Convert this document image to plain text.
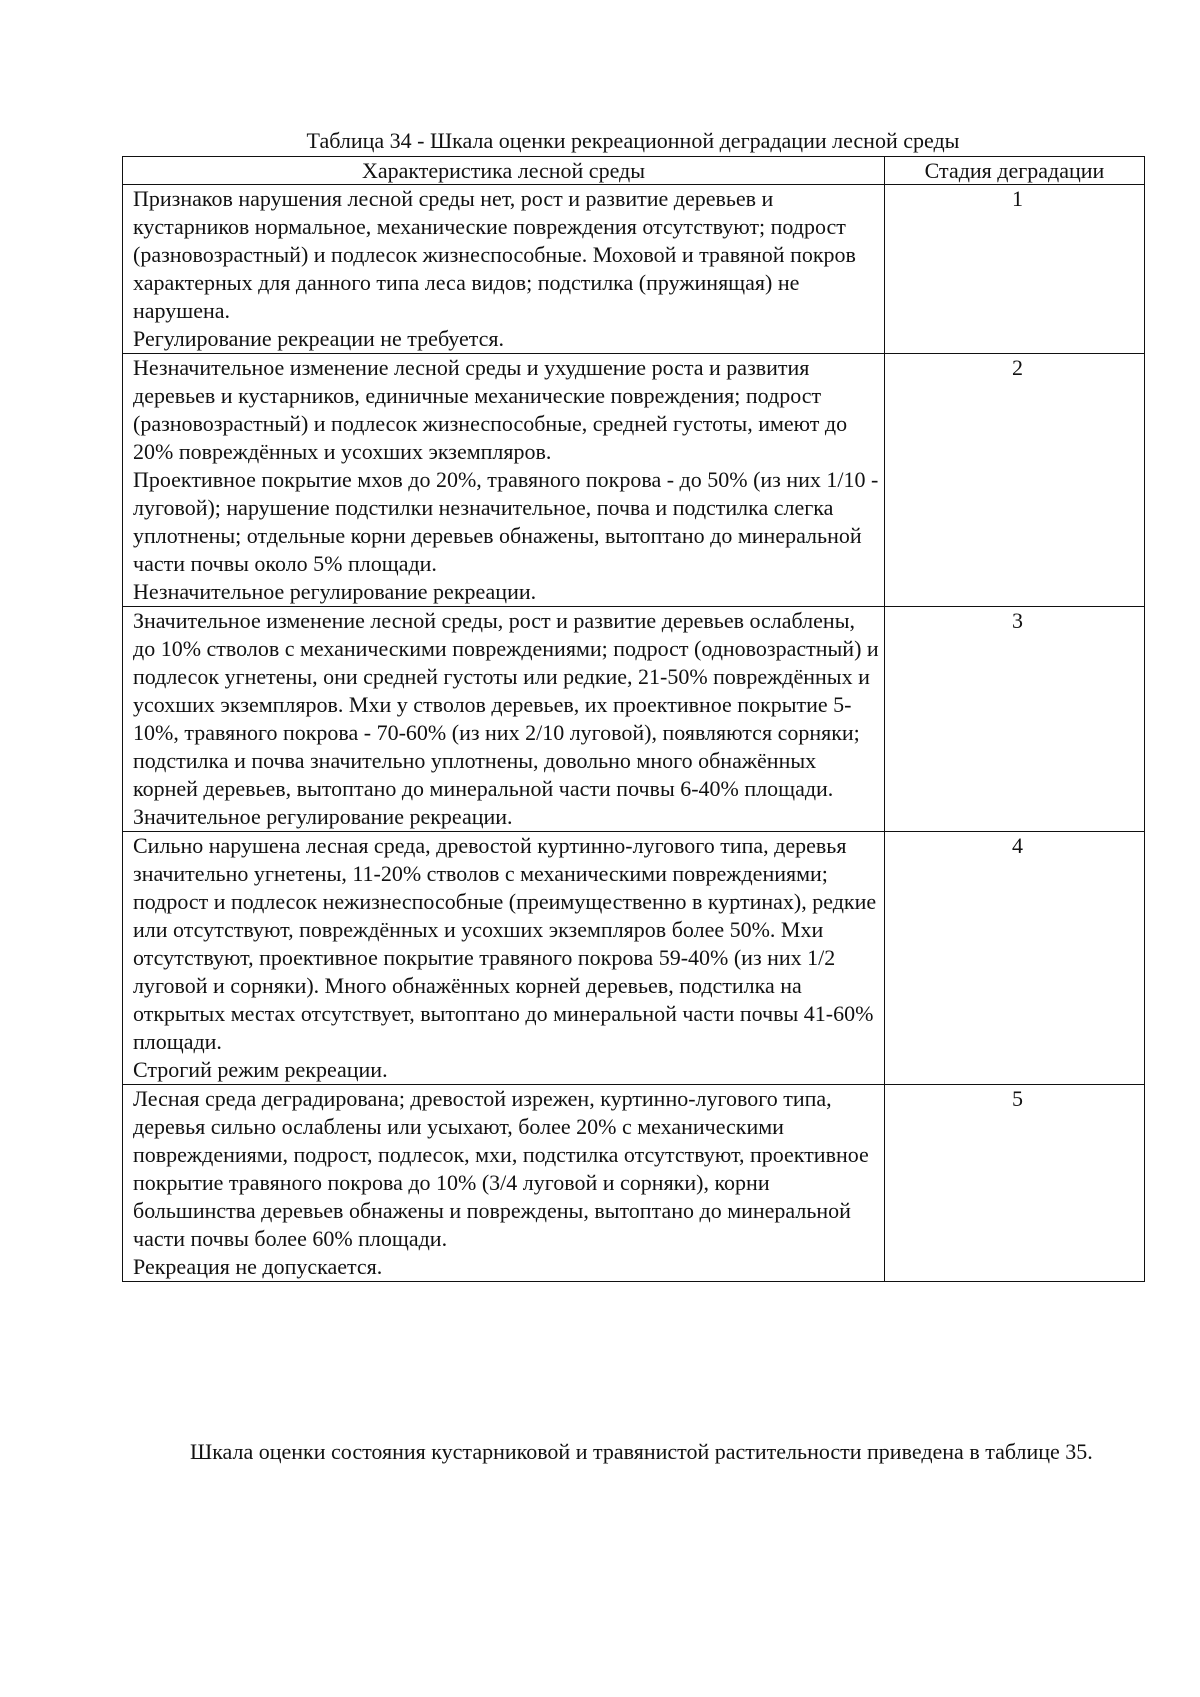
Таблица 34 - Шкала оценки рекреационной деградации лесной среды
Характеристика лесной среды	Стадия деградации

Признаков нарушения лесной среды нет, рост и развитие деревьев и кустарников нормальное, механические повреждения отсутствуют; подрост (разновозрастный) и подлесок жизнеспособные. Моховой и травяной покров характерных для данного типа леса видов; подстилка (пружинящая) не нарушена.
Регулирование рекреации не требуется.	1

Незначительное изменение лесной среды и ухудшение роста и развития деревьев и кустарников, единичные механические повреждения; подрост (разновозрастный) и подлесок жизнеспособные, средней густоты, имеют до 20% повреждённых и усохших экземпляров.
Проективное покрытие мхов до 20%, травяного покрова - до 50% (из них 1/10 - луговой); нарушение подстилки незначительное, почва и подстилка слегка уплотнены; отдельные корни деревьев обнажены, вытоптано до минеральной части почвы около 5% площади.
Незначительное регулирование рекреации.	2

Значительное изменение лесной среды, рост и развитие деревьев ослаблены, до 10% стволов с механическими повреждениями; подрост (одновозрастный) и подлесок угнетены, они средней густоты или редкие, 21-50% повреждённых и усохших экземпляров. Мхи у стволов деревьев, их проективное покрытие 5-10%, травяного покрова - 70-60% (из них 2/10 луговой), появляются сорняки; подстилка и почва значительно уплотнены, довольно много обнажённых корней деревьев, вытоптано до минеральной части почвы 6-40% площади.
Значительное регулирование рекреации.	3

Сильно нарушена лесная среда, древостой куртинно-лугового типа, деревья значительно угнетены, 11-20% стволов с механическими повреждениями; подрост и подлесок нежизнеспособные (преимущественно в куртинах), редкие или отсутствуют, повреждённых и усохших экземпляров более 50%. Мхи отсутствуют, проективное покрытие травяного покрова 59-40% (из них 1/2 луговой и сорняки). Много обнажённых корней деревьев, подстилка на открытых местах отсутствует, вытоптано до минеральной части почвы 41-60% площади.
Строгий режим рекреации.	4

Лесная среда деградирована; древостой изрежен, куртинно-лугового типа, деревья сильно ослаблены или усыхают, более 20% с механическими повреждениями, подрост, подлесок, мхи, подстилка отсутствуют, проективное покрытие травяного покрова до 10% (3/4 луговой и сорняки), корни большинства деревьев обнажены и повреждены, вытоптано до минеральной части почвы более 60% площади.
Рекреация не допускается.	5

Шкала оценки состояния кустарниковой и травянистой растительности приведена в таблице 35.
